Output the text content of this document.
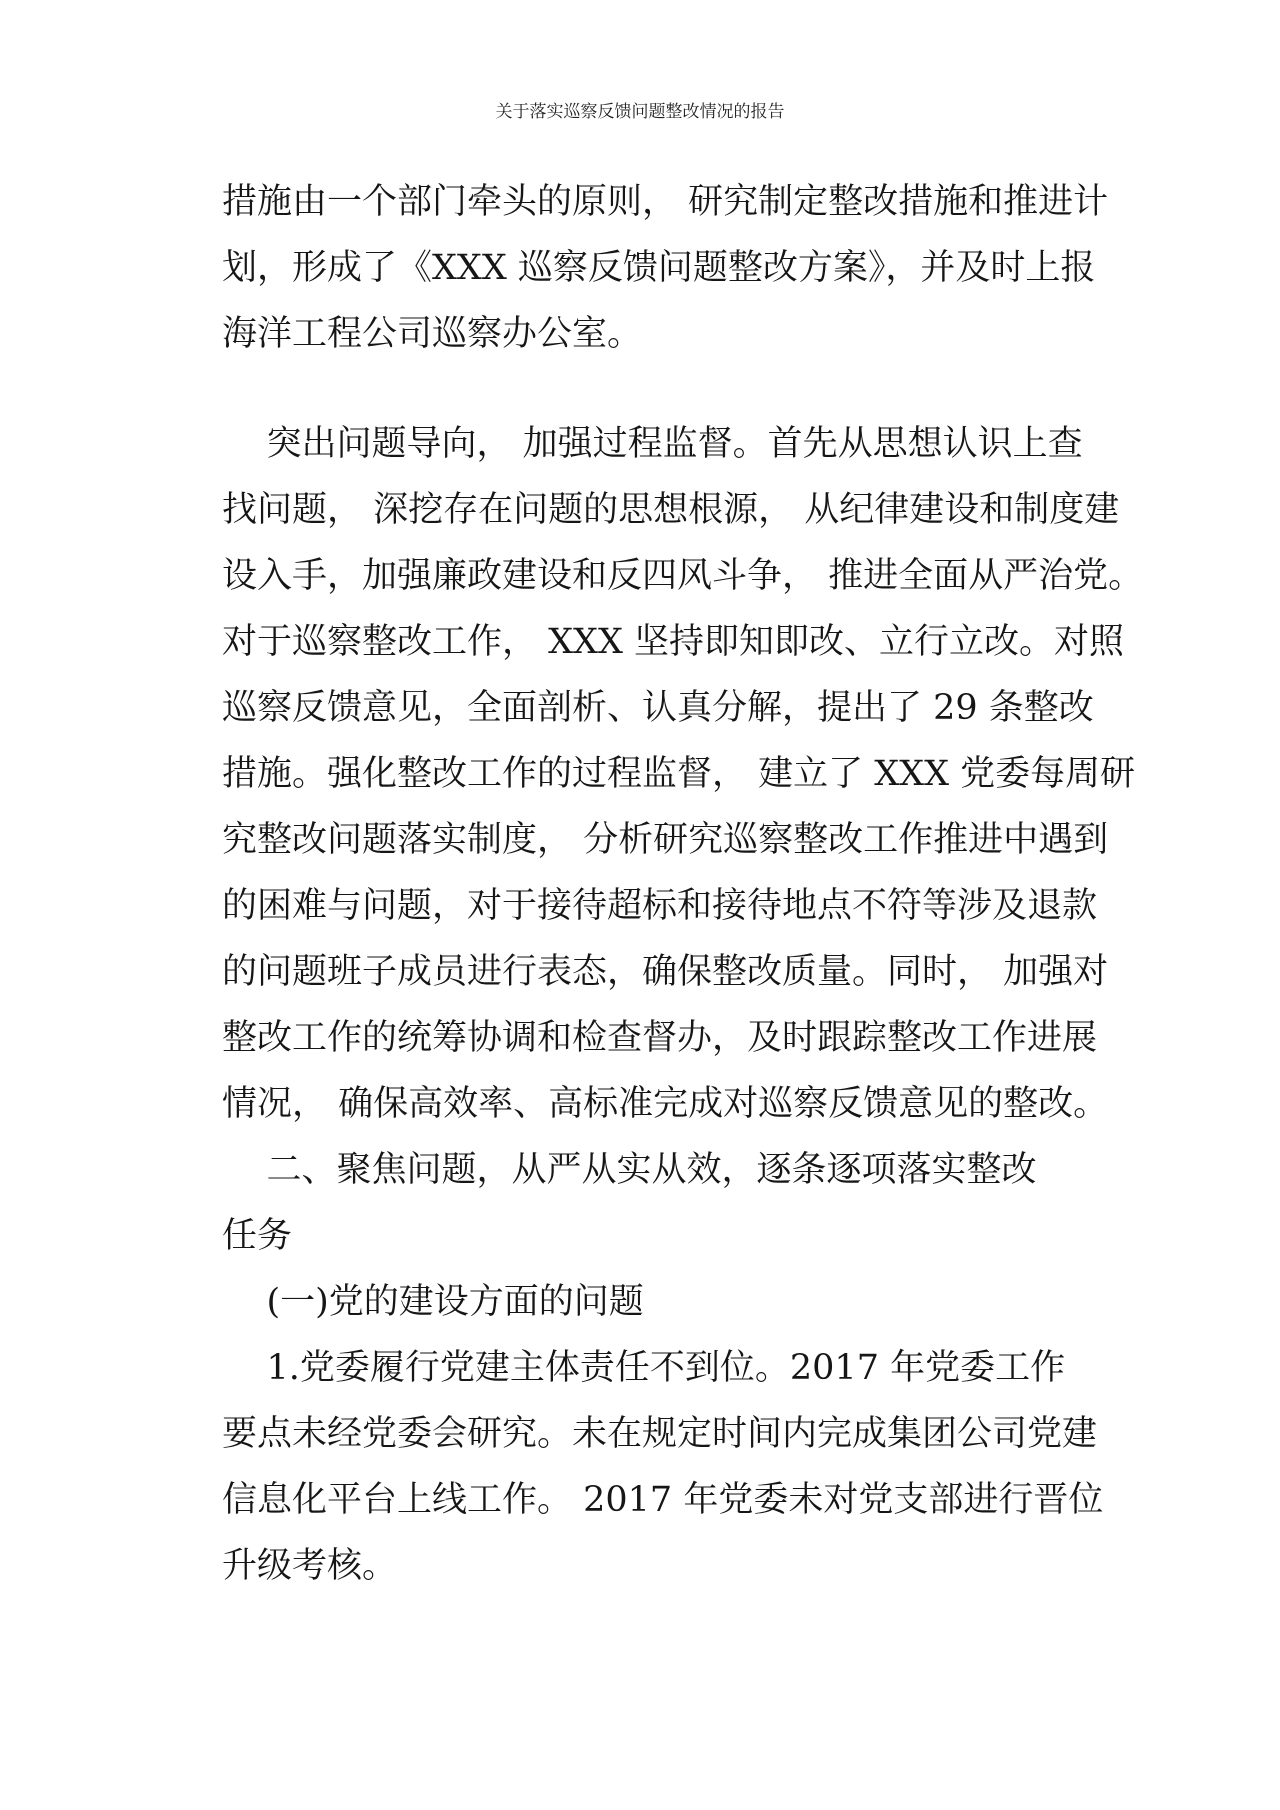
关于落实巡察反馈问题整改情况的报告
措施由一个部门牵头的原则， 研究制定整改措施和推进计
划，形成了《XXX 巡察反馈问题整改方案》，并及时上报
海洋工程公司巡察办公室。
突出问题导向， 加强过程监督。首先从思想认识上查
找问题， 深挖存在问题的思想根源， 从纪律建设和制度建
设入手，加强廉政建设和反四风斗争， 推进全面从严治党。
对于巡察整改工作， XXX 坚持即知即改、立行立改。对照
巡察反馈意见，全面剖析、认真分解，提出了 29 条整改
措施。强化整改工作的过程监督， 建立了 XXX 党委每周研
究整改问题落实制度， 分析研究巡察整改工作推进中遇到
的困难与问题，对于接待超标和接待地点不符等涉及退款
的问题班子成员进行表态，确保整改质量。同时， 加强对
整改工作的统筹协调和检查督办，及时跟踪整改工作进展
情况， 确保高效率、高标准完成对巡察反馈意见的整改。
二、聚焦问题，从严从实从效，逐条逐项落实整改
任务
(一)党的建设方面的问题
1.党委履行党建主体责任不到位。2017 年党委工作
要点未经党委会研究。未在规定时间内完成集团公司党建
信息化平台上线工作。 2017 年党委未对党支部进行晋位
升级考核。
